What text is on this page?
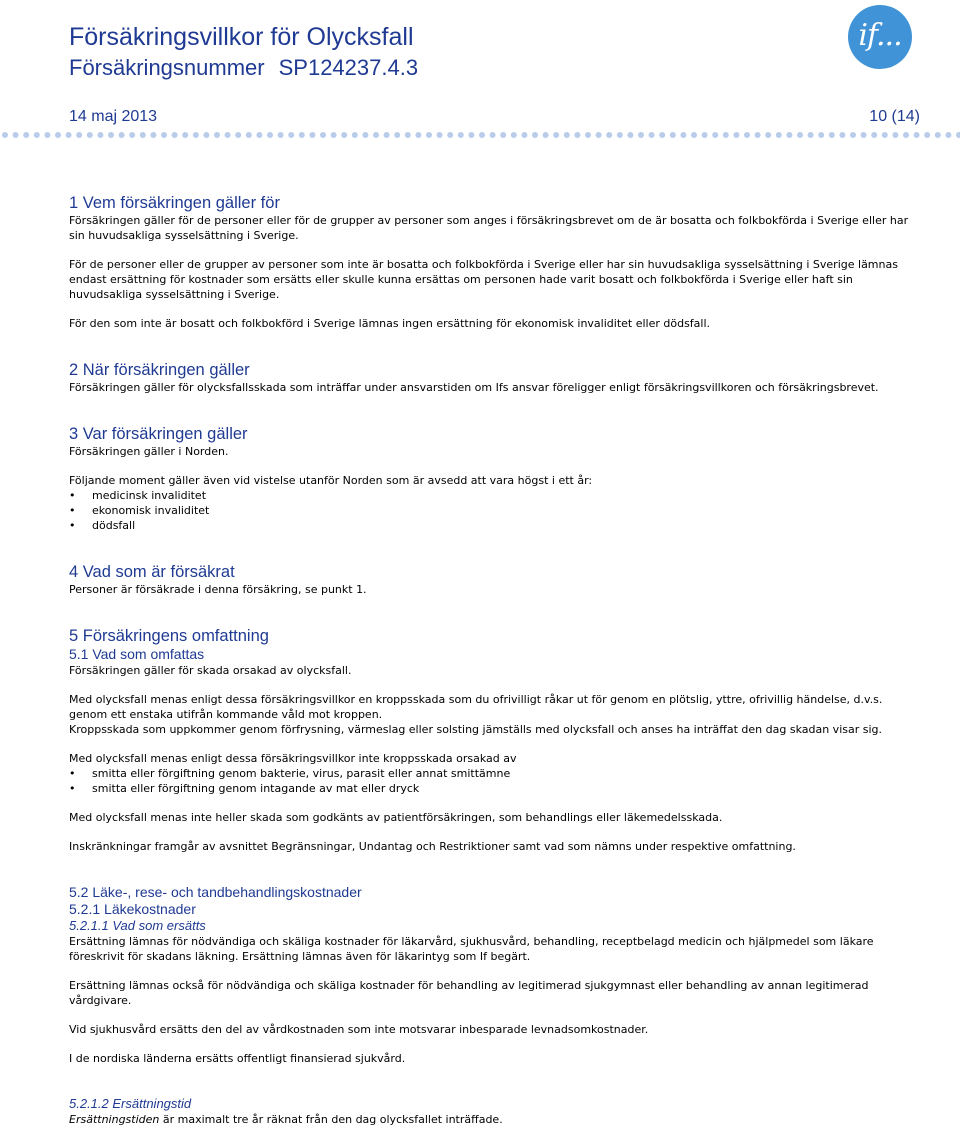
Försäkringsvillkor för Olycksfall
Försäkringsnummer SP124237.4.3
if...
14 maj 2013	10 (14)
1 Vem försäkringen gäller för

Försäkringen gäller för de personer eller för de grupper av personer som anges i försäkringsbrevet om de är bosatta och folkbokförda i Sverige eller har sin huvudsakliga sysselsättning i Sverige.

För de personer eller de grupper av personer som inte är bosatta och folkbokförda i Sverige eller har sin huvudsakliga sysselsättning i Sverige lämnas endast ersättning för kostnader som ersätts eller skulle kunna ersättas om personen hade varit bosatt och folkbokförda i Sverige eller haft sin huvudsakliga sysselsättning i Sverige.

För den som inte är bosatt och folkbokförd i Sverige lämnas ingen ersättning för ekonomisk invaliditet eller dödsfall.

2 När försäkringen gäller

Försäkringen gäller för olycksfallsskada som inträffar under ansvarstiden om Ifs ansvar föreligger enligt försäkringsvillkoren och försäkringsbrevet.

3 Var försäkringen gäller

Försäkringen gäller i Norden.

Följande moment gäller även vid vistelse utanför Norden som är avsedd att vara högst i ett år:

• medicinsk invaliditet
• ekonomisk invaliditet
• dödsfall
4 Vad som är försäkrat

Personer är försäkrade i denna försäkring, se punkt 1.

5 Försäkringens omfattning
5.1 Vad som omfattas

Försäkringen gäller för skada orsakad av olycksfall.

Med olycksfall menas enligt dessa försäkringsvillkor en kroppsskada som du ofrivilligt råkar ut för genom en plötslig, yttre, ofrivillig händelse, d.v.s. genom ett enstaka utifrån kommande våld mot kroppen.

Kroppsskada som uppkommer genom förfrysning, värmeslag eller solsting jämställs med olycksfall och anses ha inträffat den dag skadan visar sig.

Med olycksfall menas enligt dessa försäkringsvillkor inte kroppsskada orsakad av

• smitta eller förgiftning genom bakterie, virus, parasit eller annat smittämne
• smitta eller förgiftning genom intagande av mat eller dryck

Med olycksfall menas inte heller skada som godkänts av patientförsäkringen, som behandlings eller läkemedelsskada.

Inskränkningar framgår av avsnittet Begränsningar, Undantag och Restriktioner samt vad som nämns under respektive omfattning.

5.2 Läke-, rese- och tandbehandlingskostnader
5.2.1 Läkekostnader
5.2.1.1 Vad som ersätts

Ersättning lämnas för nödvändiga och skäliga kostnader för läkarvård, sjukhusvård, behandling, receptbelagd medicin och hjälpmedel som läkare föreskrivit för skadans läkning. Ersättning lämnas även för läkarintyg som If begärt.

Ersättning lämnas också för nödvändiga och skäliga kostnader för behandling av legitimerad sjukgymnast eller behandling av annan legitimerad vårdgivare.

Vid sjukhusvård ersätts den del av vårdkostnaden som inte motsvarar inbesparade levnadsomkostnader.

I de nordiska länderna ersätts offentligt finansierad sjukvård.

5.2.1.2 Ersättningstid

Ersättningstiden är maximalt tre år räknat från den dag olycksfallet inträffade.
